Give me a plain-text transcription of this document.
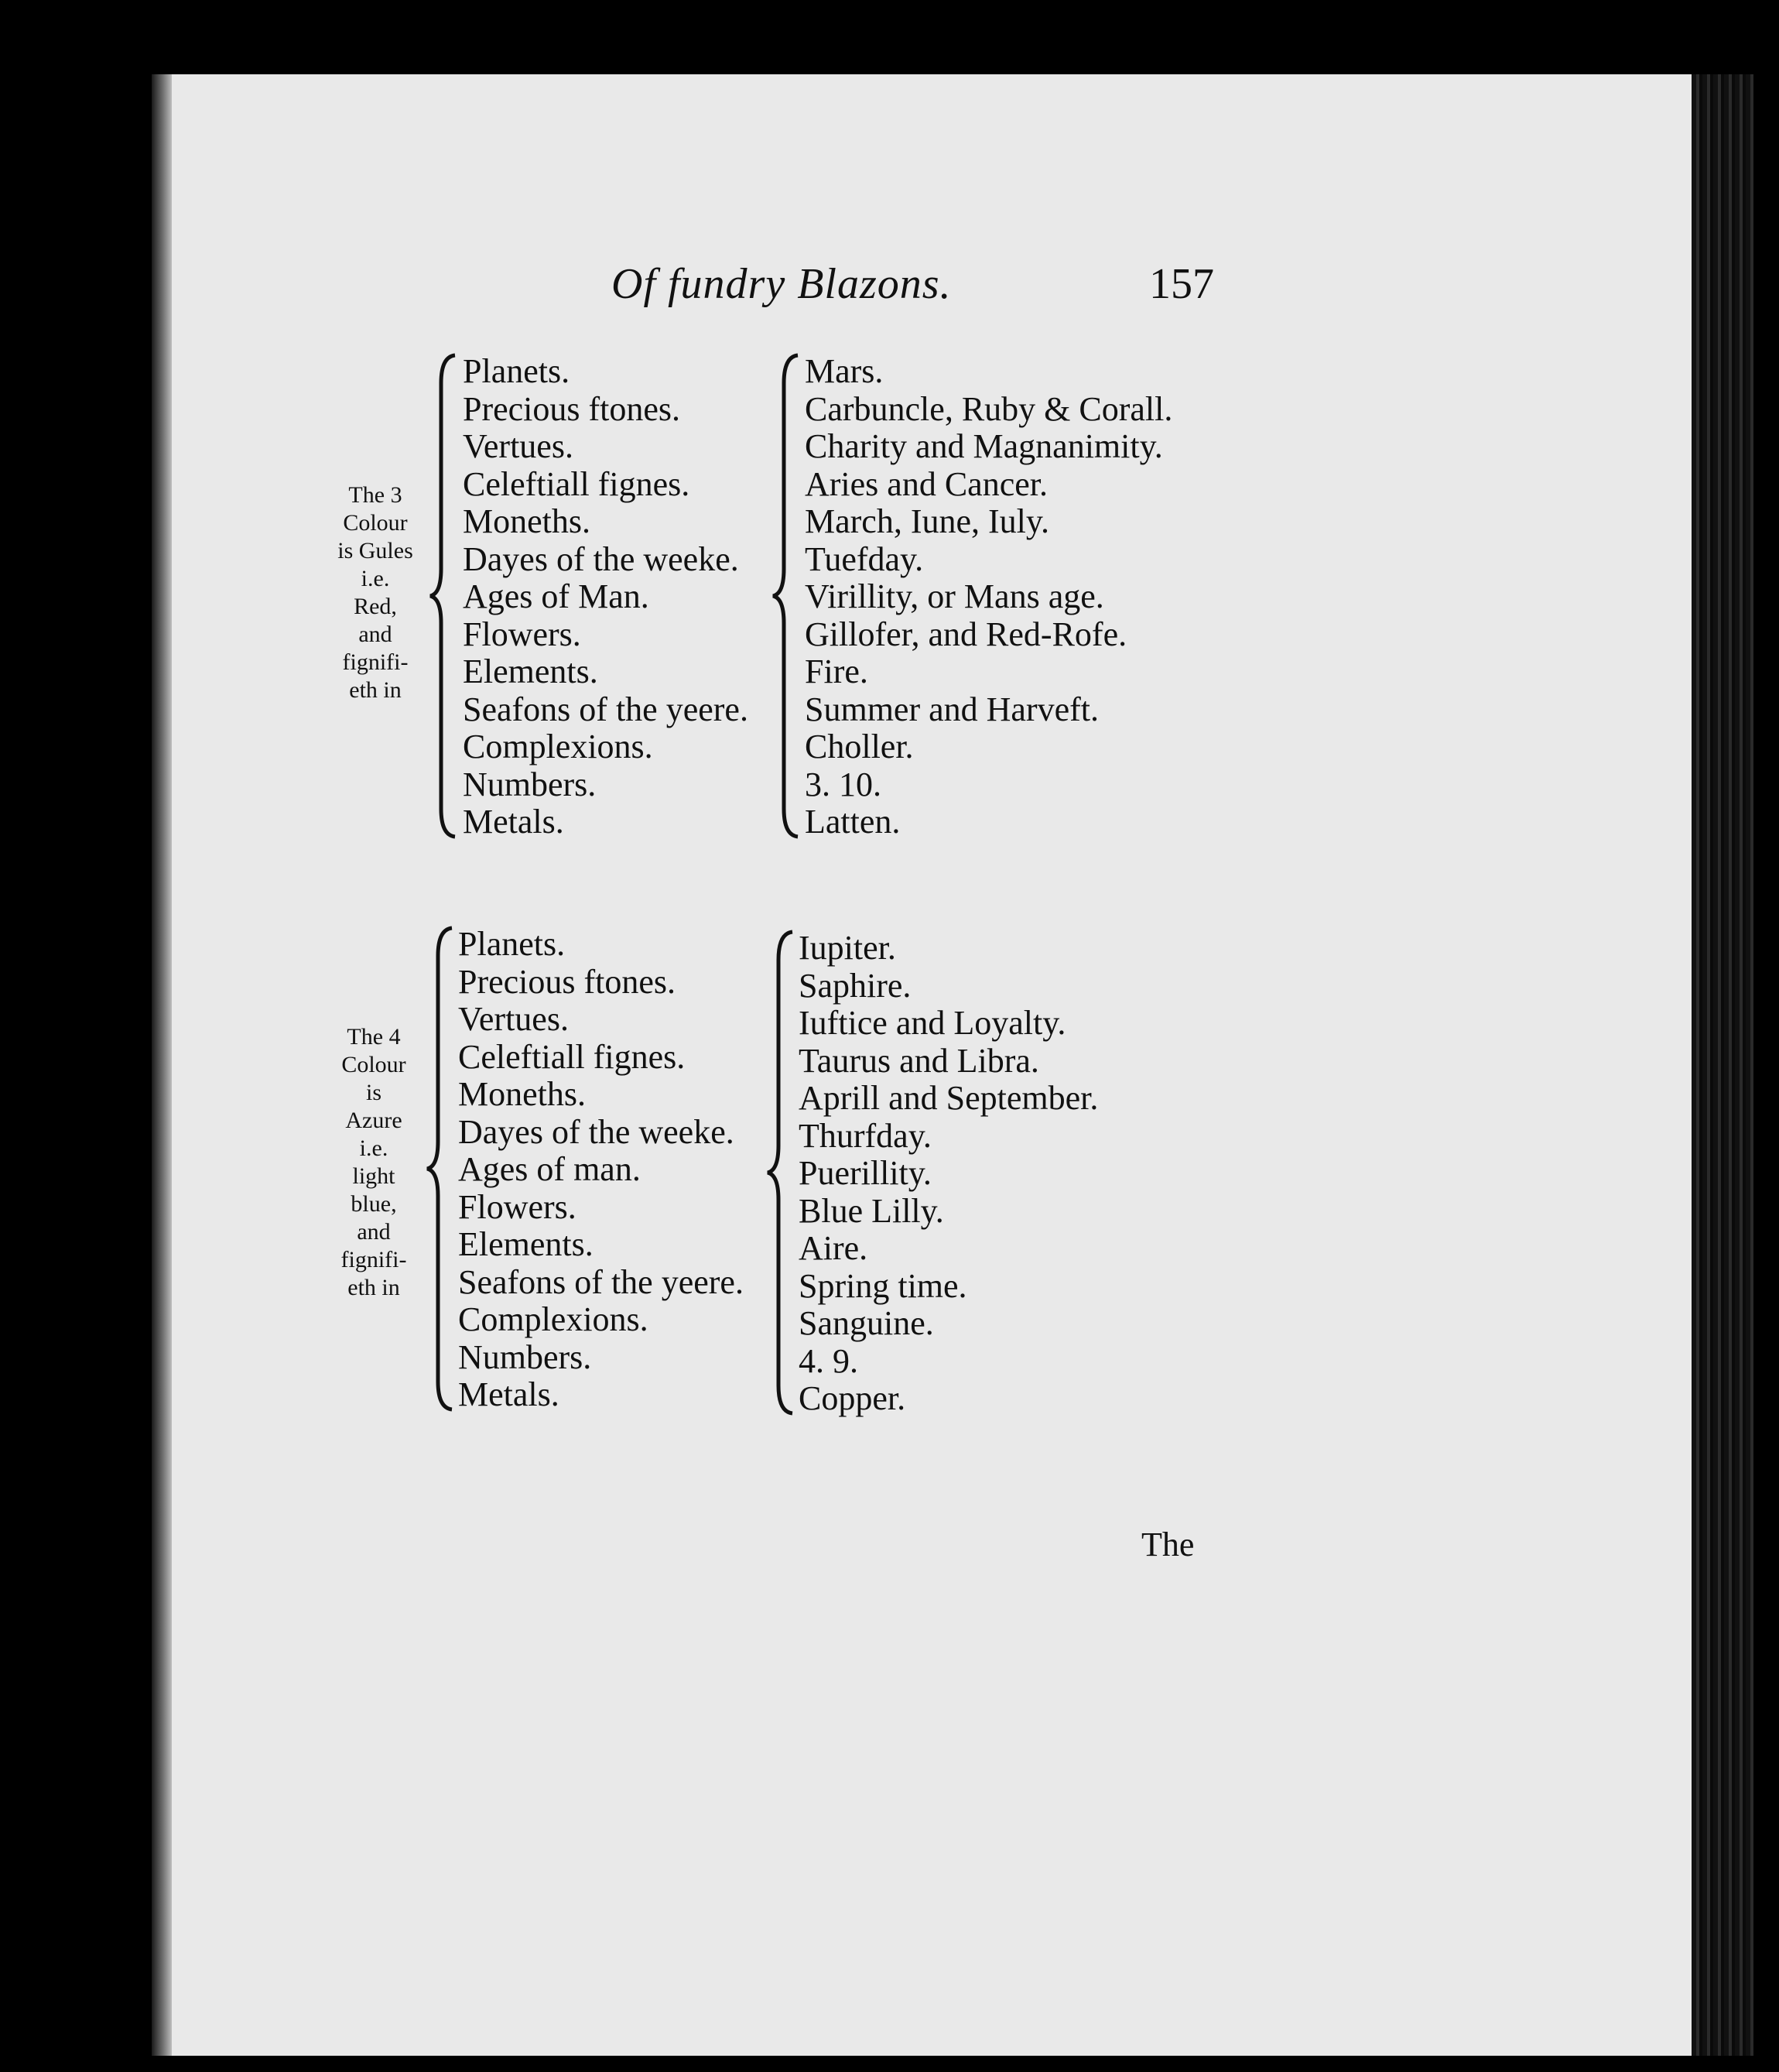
Of fundry Blazons.	157
The 3
Colour
is Gules
i.e.
Red,
and
fignifi-
eth in
Planets.
Precious ftones.
Vertues.
Celeftiall fignes.
Moneths.
Dayes of the weeke.
Ages of Man.
Flowers.
Elements.
Seafons of the yeere.
Complexions.
Numbers.
Metals.
Mars.
Carbuncle, Ruby & Corall.
Charity and Magnanimity.
Aries and Cancer.
March, Iune, Iuly.
Tuefday.
Virillity, or Mans age.
Gillofer, and Red-Rofe.
Fire.
Summer and Harveft.
Choller.
3. 10.
Latten.
The 4
Colour
is
Azure
i.e.
light
blue,
and
fignifi-
eth in
Planets.
Precious ftones.
Vertues.
Celeftiall fignes.
Moneths.
Dayes of the weeke.
Ages of man.
Flowers.
Elements.
Seafons of the yeere.
Complexions.
Numbers.
Metals.
Iupiter.
Saphire.
Iuftice and Loyalty.
Taurus and Libra.
Aprill and September.
Thurfday.
Puerillity.
Blue Lilly.
Aire.
Spring time.
Sanguine.
4. 9.
Copper.
The
